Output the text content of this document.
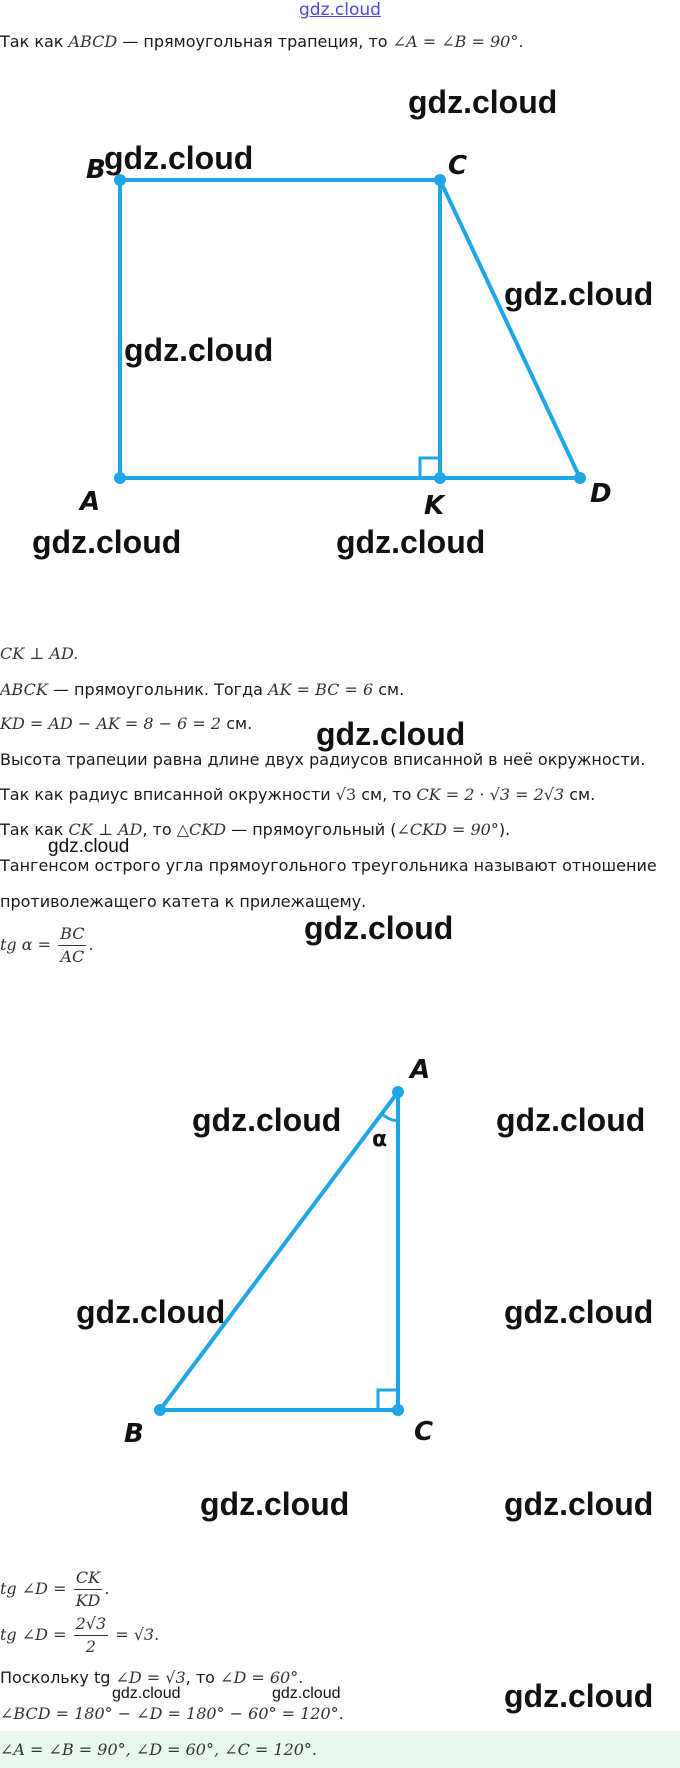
gdz.cloud
Так как ABCD — прямоугольная трапеция, то ∠A = ∠B = 90°.
B	C
A	K	D
CK ⊥ AD.
ABCK — прямоугольник. Тогда AK = BC = 6 см.
KD = AD − AK = 8 − 6 = 2 см.
Высота трапеции равна длине двух радиусов вписанной в неё окружности.
Так как радиус вписанной окружности √3 см, то CK = 2 · √3 = 2√3 см.
Так как CK ⊥ AD, то △CKD — прямоугольный (∠CKD = 90°).
Тангенсом острого угла прямоугольного треугольника называют отношение
противолежащего катета к прилежащему.
tg $\alpha = \frac{BC}{AC}$ .
A
α
B	C
tg ∠D = $\frac{CK}{KD}$ .
tg ∠D = $\frac{2√3}{2} = √3$.
Поскольку tg ∠D = √3, то ∠D = 60°.
∠BCD = 180° − ∠D = 180° − 60° = 120°.
∠A = ∠B = 90°, ∠D = 60°, ∠C = 120°.
gdz.cloud
gdz.cloud
gdz.cloud
gdz.cloud
gdz.cloud	gdz.cloud
gdz.cloud
gdz.cloud
gdz.cloud
gdz.cloud	gdz.cloud
gdz.cloud	gdz.cloud
gdz.cloud	gdz.cloud
gdz.cloud	gdz.cloud	gdz.cloud
